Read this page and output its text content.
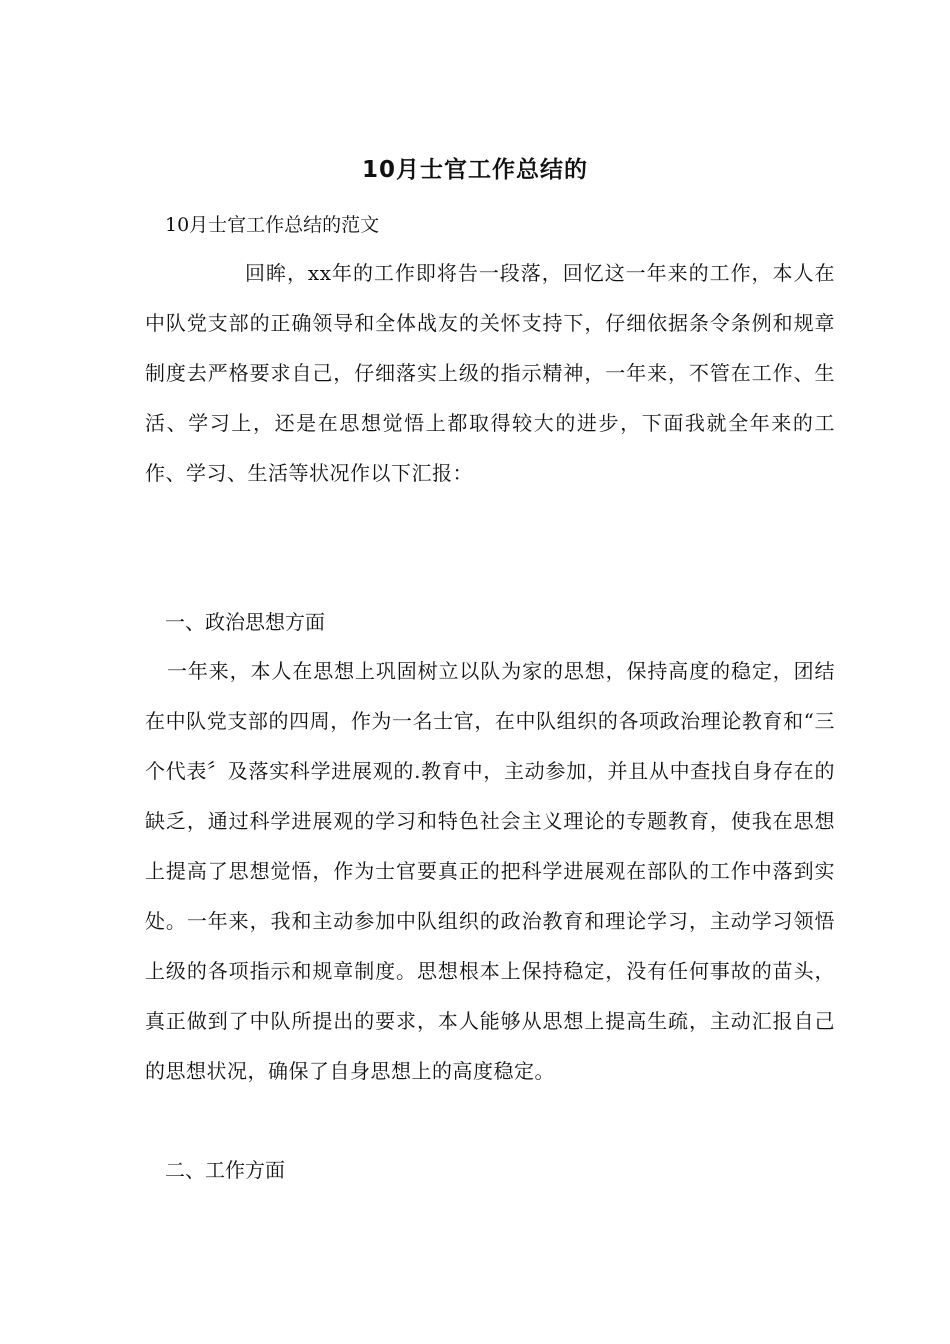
10月士官工作总结的

10月士官工作总结的范文

回眸，xx年的工作即将告一段落，回忆这一年来的工作，本人在中队党支部的正确领导和全体战友的关怀支持下，仔细依据条令条例和规章制度去严格要求自己，仔细落实上级的指示精神，一年来，不管在工作、生活、学习上，还是在思想觉悟上都取得较大的进步，下面我就全年来的工作、学习、生活等状况作以下汇报：

一、政治思想方面

一年来，本人在思想上巩固树立以队为家的思想，保持高度的稳定，团结在中队党支部的四周，作为一名士官，在中队组织的各项政治理论教育和“三个代表〞及落实科学进展观的.教育中，主动参加，并且从中查找自身存在的缺乏，通过科学进展观的学习和特色社会主义理论的专题教育，使我在思想上提高了思想觉悟，作为士官要真正的把科学进展观在部队的工作中落到实处。一年来，我和主动参加中队组织的政治教育和理论学习，主动学习领悟上级的各项指示和规章制度。思想根本上保持稳定，没有任何事故的苗头，真正做到了中队所提出的要求，本人能够从思想上提高生疏，主动汇报自己的思想状况，确保了自身思想上的高度稳定。

二、工作方面
